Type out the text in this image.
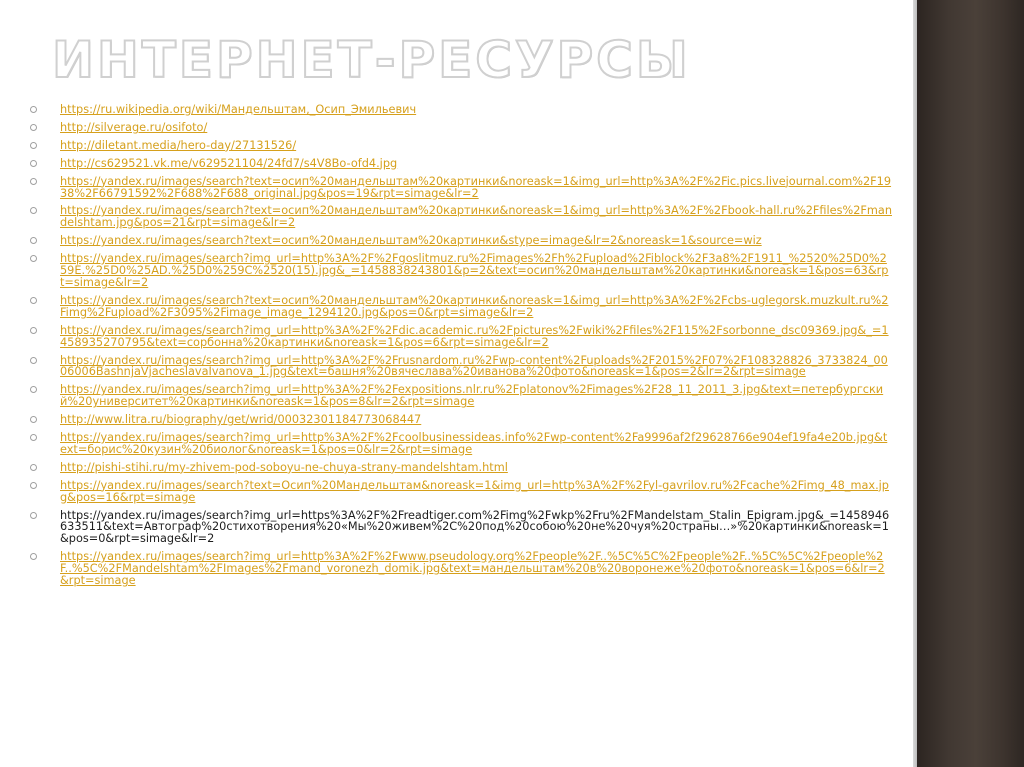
ИНТЕРНЕТ-РЕСУРСЫ
https://ru.wikipedia.org/wiki/Мандельштам,_Осип_Эмильевич
http://silverage.ru/osifoto/
http://diletant.media/hero-day/27131526/
http://cs629521.vk.me/v629521104/24fd7/s4V8Bo-ofd4.jpg
https://yandex.ru/images/search?text=осип%20мандельштам%20картинки&noreask=1&img_url=http%3A%2F%2Fic.pics.livejournal.com%2F1938%2F66791592%2F688%2F688_original.jpg&pos=19&rpt=simage&lr=2
https://yandex.ru/images/search?text=осип%20мандельштам%20картинки&noreask=1&img_url=http%3A%2F%2Fbook-hall.ru%2Ffiles%2Fmandelshtam.jpg&pos=21&rpt=simage&lr=2
https://yandex.ru/images/search?text=осип%20мандельштам%20картинки&stype=image&lr=2&noreask=1&source=wiz
https://yandex.ru/images/search?img_url=http%3A%2F%2Fgoslitmuz.ru%2Fimages%2Fh%2Fupload%2Fiblock%2F3a8%2F1911_%2520%25D0%259E.%25D0%25AD.%25D0%259C%2520(15).jpg&_=1458838243801&p=2&text=осип%20мандельштам%20картинки&noreask=1&pos=63&rpt=simage&lr=2
https://yandex.ru/images/search?text=осип%20мандельштам%20картинки&noreask=1&img_url=http%3A%2F%2Fcbs-uglegorsk.muzkult.ru%2Fimg%2Fupload%2F3095%2Fimage_image_1294120.jpg&pos=0&rpt=simage&lr=2
https://yandex.ru/images/search?img_url=http%3A%2F%2Fdic.academic.ru%2Fpictures%2Fwiki%2Ffiles%2F115%2Fsorbonne_dsc09369.jpg&_=1458935270795&text=сорбонна%20картинки&noreask=1&pos=6&rpt=simage&lr=2
https://yandex.ru/images/search?img_url=http%3A%2F%2Frusnardom.ru%2Fwp-content%2Fuploads%2F2015%2F07%2F108328826_3733824_0006006BashnjaVjacheslavaIvanova_1.jpg&text=башня%20вячеслава%20иванова%20фото&noreask=1&pos=2&lr=2&rpt=simage
https://yandex.ru/images/search?img_url=http%3A%2F%2Fexpositions.nlr.ru%2Fplatonov%2Fimages%2F28_11_2011_3.jpg&text=петербургский%20университет%20картинки&noreask=1&pos=8&lr=2&rpt=simage
http://www.litra.ru/biography/get/wrid/00032301184773068447
https://yandex.ru/images/search?img_url=http%3A%2F%2Fcoolbusinessideas.info%2Fwp-content%2Fa9996af2f29628766e904ef19fa4e20b.jpg&text=борис%20кузин%20биолог&noreask=1&pos=0&lr=2&rpt=simage
http://pishi-stihi.ru/my-zhivem-pod-soboyu-ne-chuya-strany-mandelshtam.html
https://yandex.ru/images/search?text=Осип%20Мандельштам&noreask=1&img_url=http%3A%2F%2Fyl-gavrilov.ru%2Fcache%2Fimg_48_max.jpg&pos=16&rpt=simage
https://yandex.ru/images/search?img_url=https%3A%2F%2Freadtiger.com%2Fimg%2Fwkp%2Fru%2FMandelstam_Stalin_Epigram.jpg&_=1458946633511&text=Автограф%20стихотворения%20«Мы%20живем%2C%20под%20собою%20не%20чуя%20страны…»%20картинки&noreask=1&pos=0&rpt=simage&lr=2
https://yandex.ru/images/search?img_url=http%3A%2F%2Fwww.pseudology.org%2Fpeople%2F..%5C%5C%2Fpeople%2F..%5C%5C%2Fpeople%2F..%5C%2FMandelshtam%2FImages%2Fmand_voronezh_domik.jpg&text=мандельштам%20в%20воронеже%20фото&noreask=1&pos=6&lr=2&rpt=simage
